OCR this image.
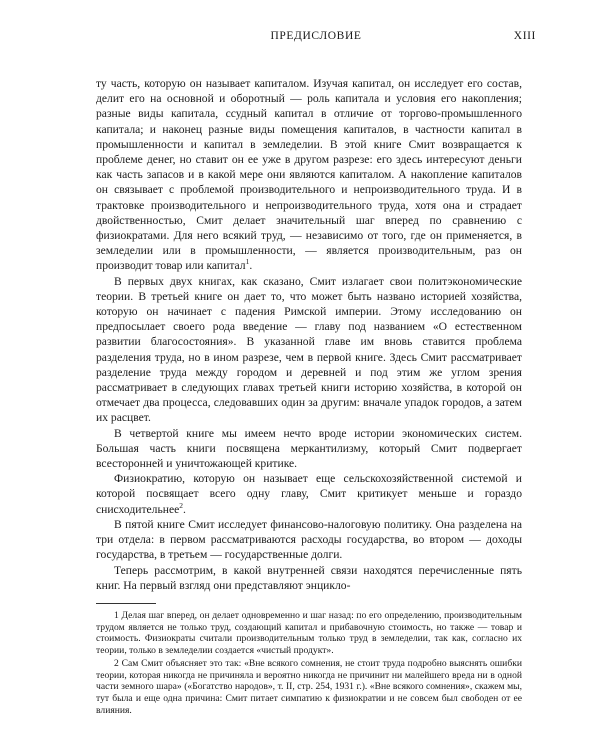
ПРЕДИСЛОВИЕ	XIII

ту часть, которую он называет капиталом. Изучая капитал, он исследует его состав, делит его на основной и оборотный — роль капитала и условия его накопления; разные виды капитала, ссудный капитал в отличие от торгово-промышленного капитала; и наконец разные виды помещения капиталов, в частности капитал в промышленности и капитал в земледелии. В этой книге Смит возвращается к проблеме денег, но ставит он ее уже в другом разрезе: его здесь интересуют деньги как часть запасов и в какой мере они являются капиталом. А накопление капиталов он связывает с проблемой производительного и непроизводительного труда. И в трактовке производительного и непроизводительного труда, хотя она и страдает двойственностью, Смит делает значительный шаг вперед по сравнению с физиократами. Для него всякий труд, — независимо от того, где он применяется, в земледелии или в промышленности, — является производительным, раз он производит товар или капитал$^1$.

В первых двух книгах, как сказано, Смит излагает свои политэкономические теории. В третьей книге он дает то, что может быть названо историей хозяйства, которую он начинает с падения Римской империи. Этому исследованию он предпосылает своего рода введение — главу под названием «О естественном развитии благосостояния». В указанной главе им вновь ставится проблема разделения труда, но в ином разрезе, чем в первой книге. Здесь Смит рассматривает разделение труда между городом и деревней и под этим же углом зрения рассматривает в следующих главах третьей книги историю хозяйства, в которой он отмечает два процесса, следовавших один за другим: вначале упадок городов, а затем их расцвет.

В четвертой книге мы имеем нечто вроде истории экономических систем. Большая часть книги посвящена меркантилизму, который Смит подвергает всесторонней и уничтожающей критике.

Физиократию, которую он называет еще сельскохозяйственной системой и которой посвящает всего одну главу, Смит критикует меньше и гораздо снисходительнее$^2$.

В пятой книге Смит исследует финансово-налоговую политику. Она разделена на три отдела: в первом рассматриваются расходы государства, во втором — доходы государства, в третьем — государственные долги.

Теперь рассмотрим, в какой внутренней связи находятся перечисленные пять книг. На первый взгляд они представляют энцикло-

1 Делая шаг вперед, он делает одновременно и шаг назад: по его определению, производительным трудом является не только труд, создающий капитал и прибавочную стоимость, но также — товар и стоимость. Физиократы считали производительным только труд в земледелии, так как, согласно их теории, только в земледелии создается «чистый продукт».

2 Сам Смит объясняет это так: «Вне всякого сомнения, не стоит труда подробно выяснять ошибки теории, которая никогда не причиняла и вероятно никогда не причинит ни малейшего вреда ни в одной части земного шара» («Богатство народов», т. II, стр. 254, 1931 г.). «Вне всякого сомнения», скажем мы, тут была и еще одна причина: Смит питает симпатию к физиократии и не совсем был свободен от ее влияния.
